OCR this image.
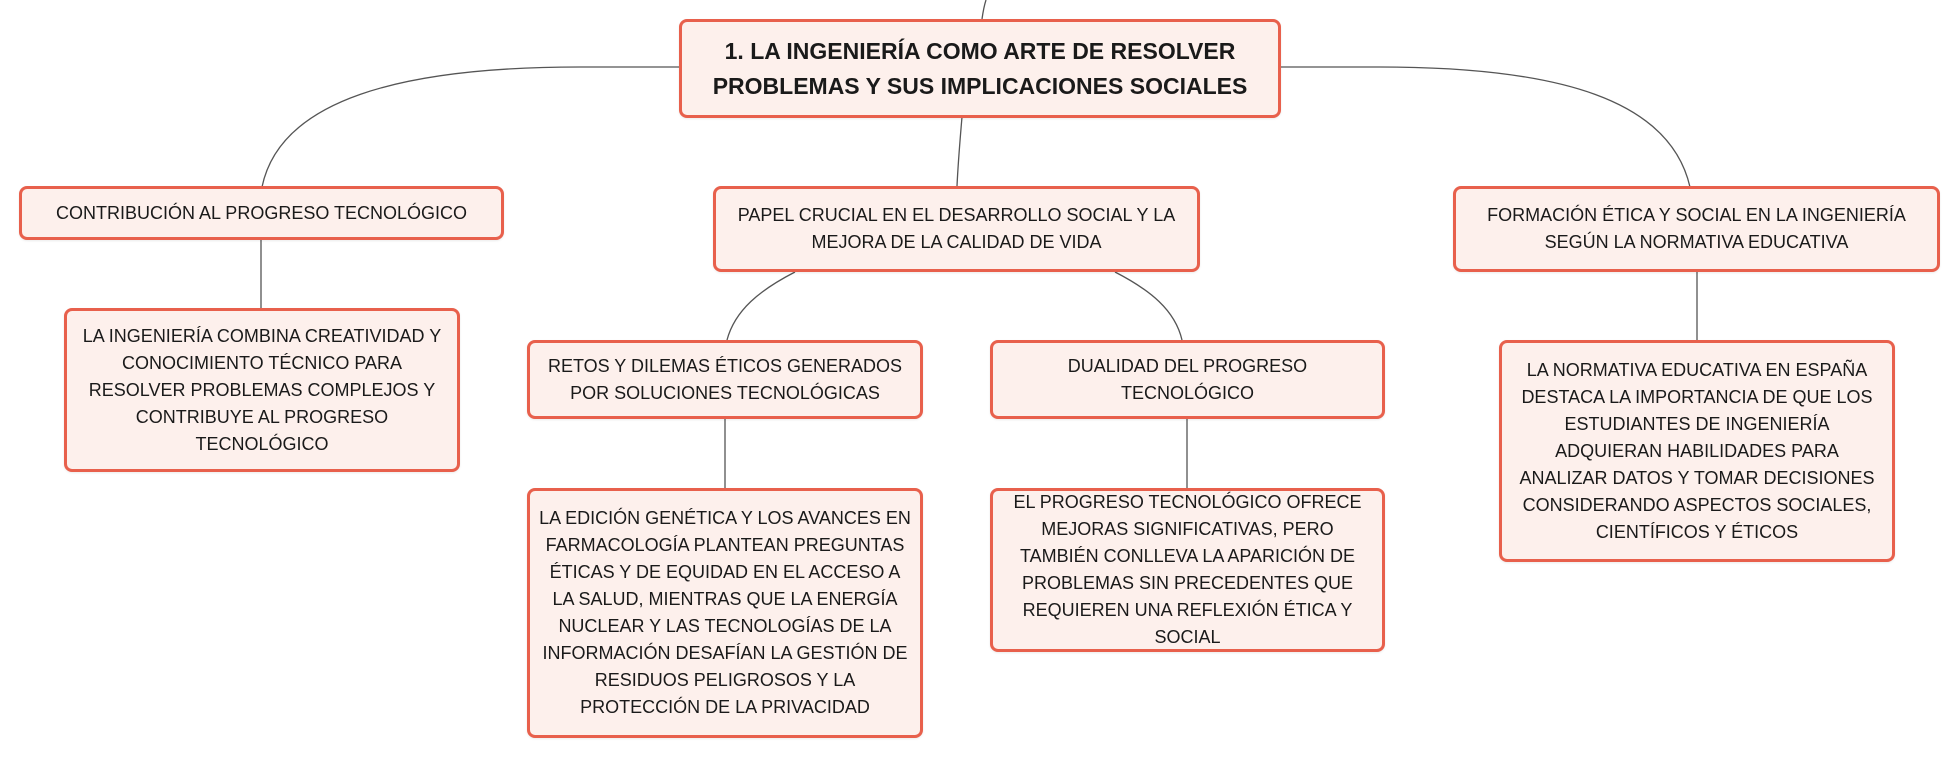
1. LA INGENIERÍA COMO ARTE DE RESOLVER PROBLEMAS Y SUS IMPLICACIONES SOCIALES
CONTRIBUCIÓN AL PROGRESO TECNOLÓGICO
LA INGENIERÍA COMBINA CREATIVIDAD Y CONOCIMIENTO TÉCNICO PARA RESOLVER PROBLEMAS COMPLEJOS Y CONTRIBUYE AL PROGRESO TECNOLÓGICO
PAPEL CRUCIAL EN EL DESARROLLO SOCIAL Y LA MEJORA DE LA CALIDAD DE VIDA
RETOS Y DILEMAS ÉTICOS GENERADOS POR SOLUCIONES TECNOLÓGICAS
LA EDICIÓN GENÉTICA Y LOS AVANCES EN FARMACOLOGÍA PLANTEAN PREGUNTAS ÉTICAS Y DE EQUIDAD EN EL ACCESO A LA SALUD, MIENTRAS QUE LA ENERGÍA NUCLEAR Y LAS TECNOLOGÍAS DE LA INFORMACIÓN DESAFÍAN LA GESTIÓN DE RESIDUOS PELIGROSOS Y LA PROTECCIÓN DE LA PRIVACIDAD
DUALIDAD DEL PROGRESO TECNOLÓGICO
EL PROGRESO TECNOLÓGICO OFRECE MEJORAS SIGNIFICATIVAS, PERO TAMBIÉN CONLLEVA LA APARICIÓN DE PROBLEMAS SIN PRECEDENTES QUE REQUIEREN UNA REFLEXIÓN ÉTICA Y SOCIAL
FORMACIÓN ÉTICA Y SOCIAL EN LA INGENIERÍA SEGÚN LA NORMATIVA EDUCATIVA
LA NORMATIVA EDUCATIVA EN ESPAÑA DESTACA LA IMPORTANCIA DE QUE LOS ESTUDIANTES DE INGENIERÍA ADQUIERAN HABILIDADES PARA ANALIZAR DATOS Y TOMAR DECISIONES CONSIDERANDO ASPECTOS SOCIALES, CIENTÍFICOS Y ÉTICOS
